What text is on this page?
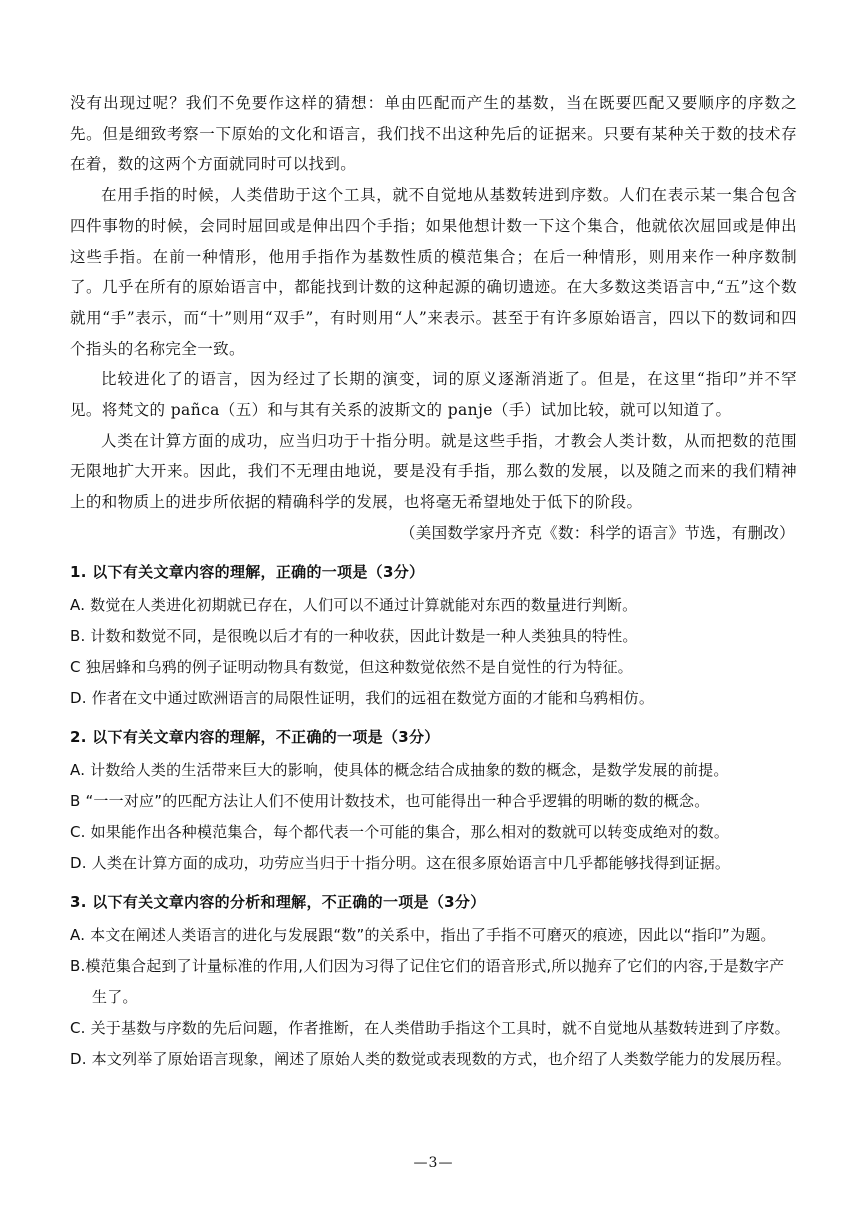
没有出现过呢？我们不免要作这样的猜想：单由匹配而产生的基数，当在既要匹配又要顺序的序数之先。但是细致考察一下原始的文化和语言，我们找不出这种先后的证据来。只要有某种关于数的技术存在着，数的这两个方面就同时可以找到。

在用手指的时候，人类借助于这个工具，就不自觉地从基数转进到序数。人们在表示某一集合包含四件事物的时候，会同时屈回或是伸出四个手指；如果他想计数一下这个集合，他就依次屈回或是伸出这些手指。在前一种情形，他用手指作为基数性质的模范集合；在后一种情形，则用来作一种序数制了。几乎在所有的原始语言中，都能找到计数的这种起源的确切遗迹。在大多数这类语言中,“五”这个数就用“手”表示，而“十”则用“双手”，有时则用“人”来表示。甚至于有许多原始语言，四以下的数词和四个指头的名称完全一致。

比较进化了的语言，因为经过了长期的演变，词的原义逐渐消逝了。但是，在这里“指印”并不罕见。将梵文的 pañca（五）和与其有关系的波斯文的 panje（手）试加比较，就可以知道了。

人类在计算方面的成功，应当归功于十指分明。就是这些手指，才教会人类计数，从而把数的范围无限地扩大开来。因此，我们不无理由地说，要是没有手指，那么数的发展，以及随之而来的我们精神上的和物质上的进步所依据的精确科学的发展，也将毫无希望地处于低下的阶段。

（美国数学家丹齐克《数：科学的语言》节选，有删改）

1. 以下有关文章内容的理解，正确的一项是（3分）

A. 数觉在人类进化初期就已存在，人们可以不通过计算就能对东西的数量进行判断。

B. 计数和数觉不同，是很晚以后才有的一种收获，因此计数是一种人类独具的特性。

C 独居蜂和乌鸦的例子证明动物具有数觉，但这种数觉依然不是自觉性的行为特征。

D. 作者在文中通过欧洲语言的局限性证明，我们的远祖在数觉方面的才能和乌鸦相仿。

2. 以下有关文章内容的理解，不正确的一项是（3分）

A. 计数给人类的生活带来巨大的影响，使具体的概念结合成抽象的数的概念，是数学发展的前提。

B “一一对应”的匹配方法让人们不使用计数技术，也可能得出一种合乎逻辑的明晰的数的概念。

C. 如果能作出各种模范集合，每个都代表一个可能的集合，那么相对的数就可以转变成绝对的数。

D. 人类在计算方面的成功，功劳应当归于十指分明。这在很多原始语言中几乎都能够找得到证据。

3. 以下有关文章内容的分析和理解，不正确的一项是（3分）

A. 本文在阐述人类语言的进化与发展跟“数”的关系中，指出了手指不可磨灭的痕迹，因此以“指印”为题。

B.模范集合起到了计量标准的作用,人们因为习得了记住它们的语音形式,所以抛弃了它们的内容,于是数字产生了。

C. 关于基数与序数的先后问题，作者推断，在人类借助手指这个工具时，就不自觉地从基数转进到了序数。

D. 本文列举了原始语言现象，阐述了原始人类的数觉或表现数的方式，也介绍了人类数学能力的发展历程。

—3—
